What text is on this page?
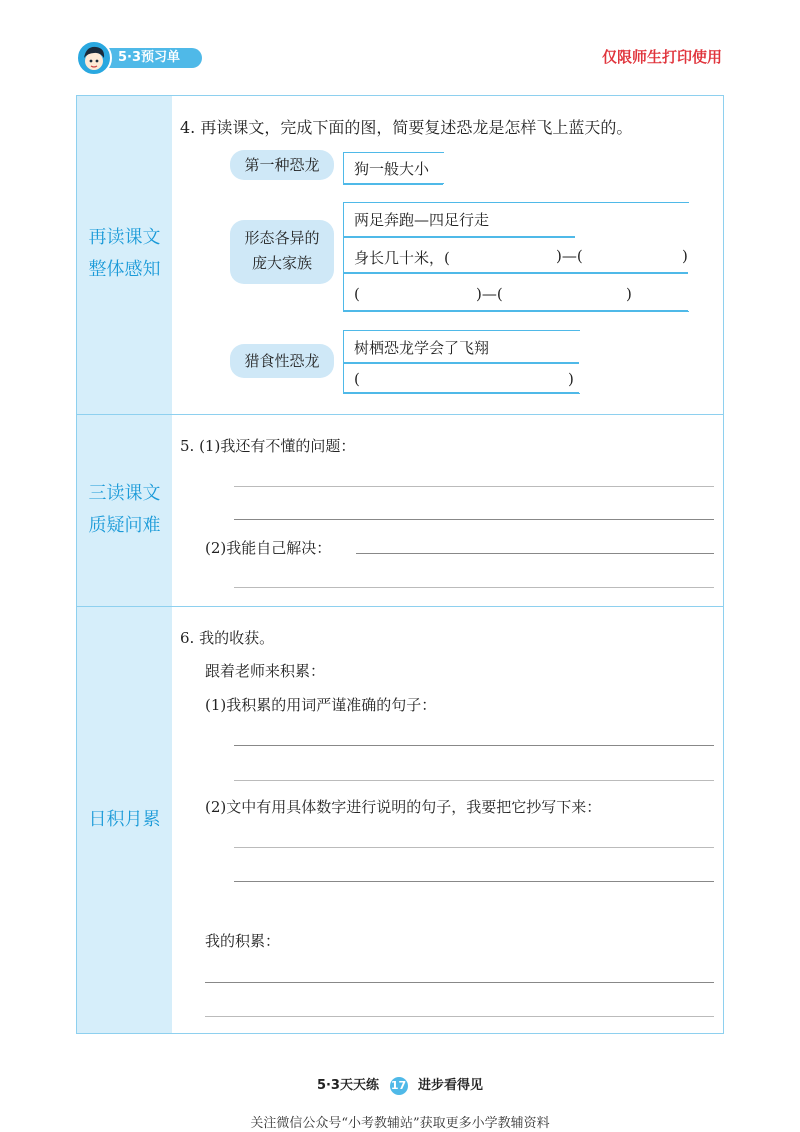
5·3预习单	仅限师生打印使用
再读课文
整体感知
三读课文
质疑问难
日积月累
4. 再读课文，完成下面的图，简要复述恐龙是怎样飞上蓝天的。
第一种恐龙	狗一般大小
形态各异的
庞大家族
两足奔跑—四足行走
身长几十米，(	)—(	)
(	)—(	)
猎食性恐龙
树栖恐龙学会了飞翔
(	)
5. (1)我还有不懂的问题：
(2)我能自己解决：
6. 我的收获。
跟着老师来积累：
(1)我积累的用词严谨准确的句子：
(2)文中有用具体数字进行说明的句子，我要把它抄写下来：
我的积累：
5·3天天练 17 进步看得见
关注微信公众号“小考教辅站”获取更多小学教辅资料
